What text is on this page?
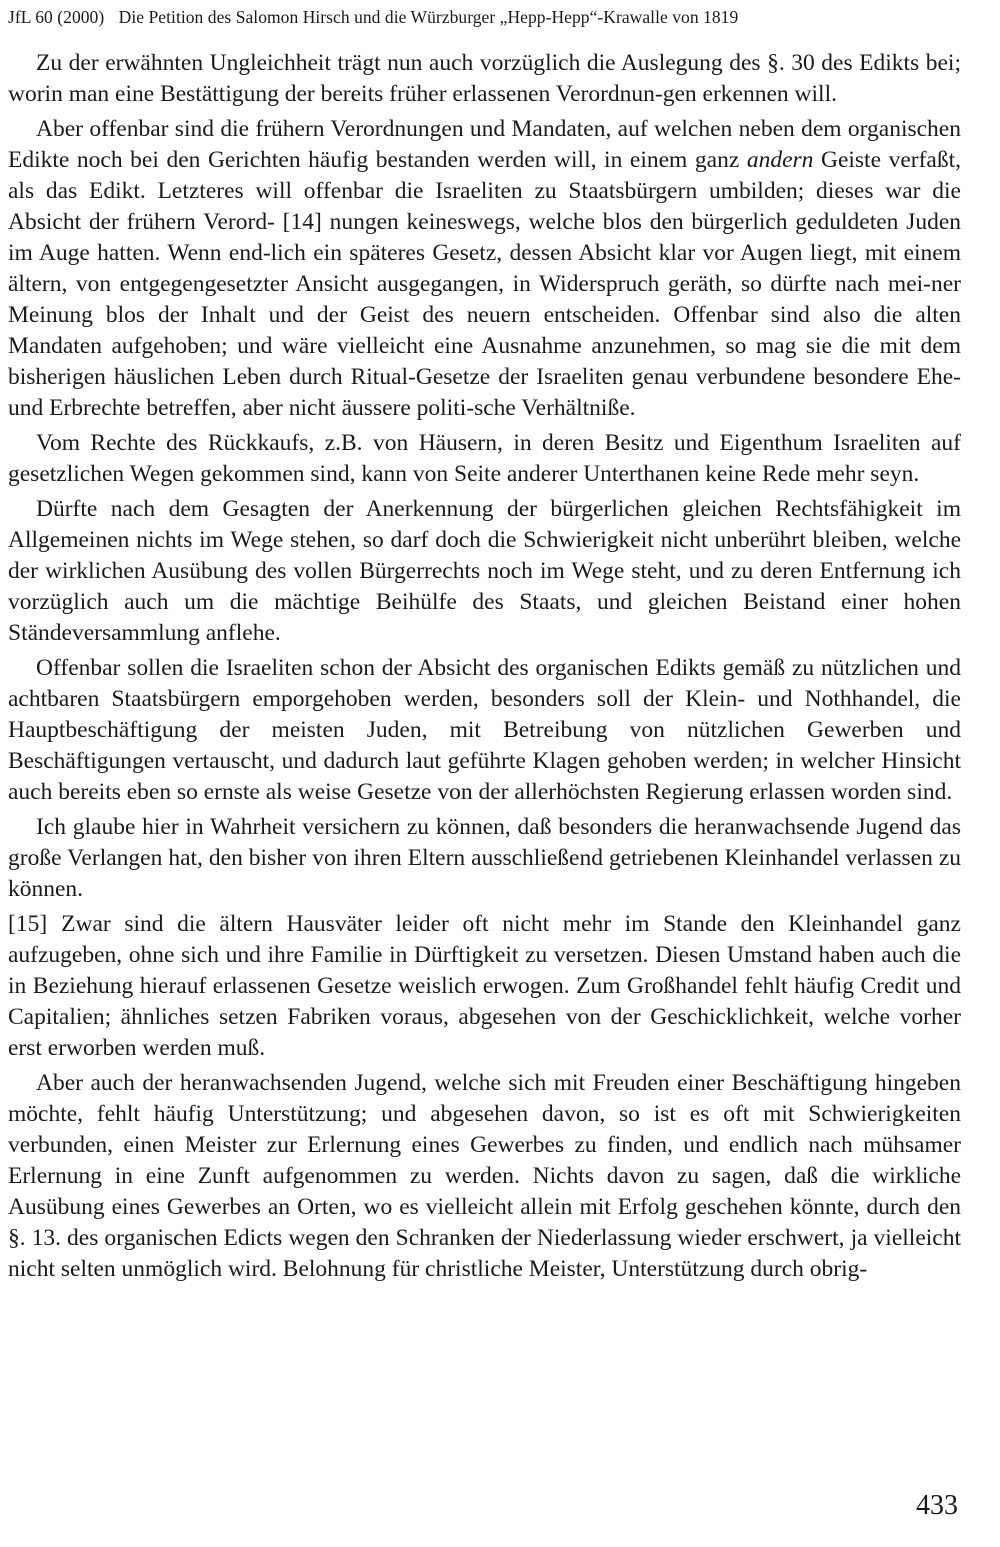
JfL 60 (2000) Die Petition des Salomon Hirsch und die Würzburger „Hepp-Hepp“-Krawalle von 1819

Zu der erwähnten Ungleichheit trägt nun auch vorzüglich die Auslegung des §. 30 des Edikts bei; worin man eine Bestättigung der bereits früher erlassenen Verordnun-gen erkennen will.

Aber offenbar sind die frühern Verordnungen und Mandaten, auf welchen neben dem organischen Edikte noch bei den Gerichten häufig bestanden werden will, in einem ganz andern Geiste verfaßt, als das Edikt. Letzteres will offenbar die Israeliten zu Staatsbürgern umbilden; dieses war die Absicht der frühern Verord- [14] nungen keineswegs, welche blos den bürgerlich geduldeten Juden im Auge hatten. Wenn end-lich ein späteres Gesetz, dessen Absicht klar vor Augen liegt, mit einem ältern, von entgegengesetzter Ansicht ausgegangen, in Widerspruch geräth, so dürfte nach mei-ner Meinung blos der Inhalt und der Geist des neuern entscheiden. Offenbar sind also die alten Mandaten aufgehoben; und wäre vielleicht eine Ausnahme anzunehmen, so mag sie die mit dem bisherigen häuslichen Leben durch Ritual-Gesetze der Israeliten genau verbundene besondere Ehe- und Erbrechte betreffen, aber nicht äussere politi-sche Verhältniße.

Vom Rechte des Rückkaufs, z.B. von Häusern, in deren Besitz und Eigenthum Israeliten auf gesetzlichen Wegen gekommen sind, kann von Seite anderer Unterthanen keine Rede mehr seyn.

Dürfte nach dem Gesagten der Anerkennung der bürgerlichen gleichen Rechtsfähigkeit im Allgemeinen nichts im Wege stehen, so darf doch die Schwierigkeit nicht unberührt bleiben, welche der wirklichen Ausübung des vollen Bürgerrechts noch im Wege steht, und zu deren Entfernung ich vorzüglich auch um die mächtige Beihülfe des Staats, und gleichen Beistand einer hohen Ständeversammlung anflehe.

Offenbar sollen die Israeliten schon der Absicht des organischen Edikts gemäß zu nützlichen und achtbaren Staatsbürgern emporgehoben werden, besonders soll der Klein- und Nothhandel, die Hauptbeschäftigung der meisten Juden, mit Betreibung von nützlichen Gewerben und Beschäftigungen vertauscht, und dadurch laut geführte Klagen gehoben werden; in welcher Hinsicht auch bereits eben so ernste als weise Gesetze von der allerhöchsten Regierung erlassen worden sind.

Ich glaube hier in Wahrheit versichern zu können, daß besonders die heranwachsende Jugend das große Verlangen hat, den bisher von ihren Eltern ausschließend getriebenen Kleinhandel verlassen zu können.

[15] Zwar sind die ältern Hausväter leider oft nicht mehr im Stande den Kleinhandel ganz aufzugeben, ohne sich und ihre Familie in Dürftigkeit zu versetzen. Diesen Umstand haben auch die in Beziehung hierauf erlassenen Gesetze weislich erwogen. Zum Großhandel fehlt häufig Credit und Capitalien; ähnliches setzen Fabriken voraus, abgesehen von der Geschicklichkeit, welche vorher erst erworben werden muß.

Aber auch der heranwachsenden Jugend, welche sich mit Freuden einer Beschäftigung hingeben möchte, fehlt häufig Unterstützung; und abgesehen davon, so ist es oft mit Schwierigkeiten verbunden, einen Meister zur Erlernung eines Gewerbes zu finden, und endlich nach mühsamer Erlernung in eine Zunft aufgenommen zu werden. Nichts davon zu sagen, daß die wirkliche Ausübung eines Gewerbes an Orten, wo es vielleicht allein mit Erfolg geschehen könnte, durch den §. 13. des organischen Edicts wegen den Schranken der Niederlassung wieder erschwert, ja vielleicht nicht selten unmöglich wird. Belohnung für christliche Meister, Unterstützung durch obrig-

433
